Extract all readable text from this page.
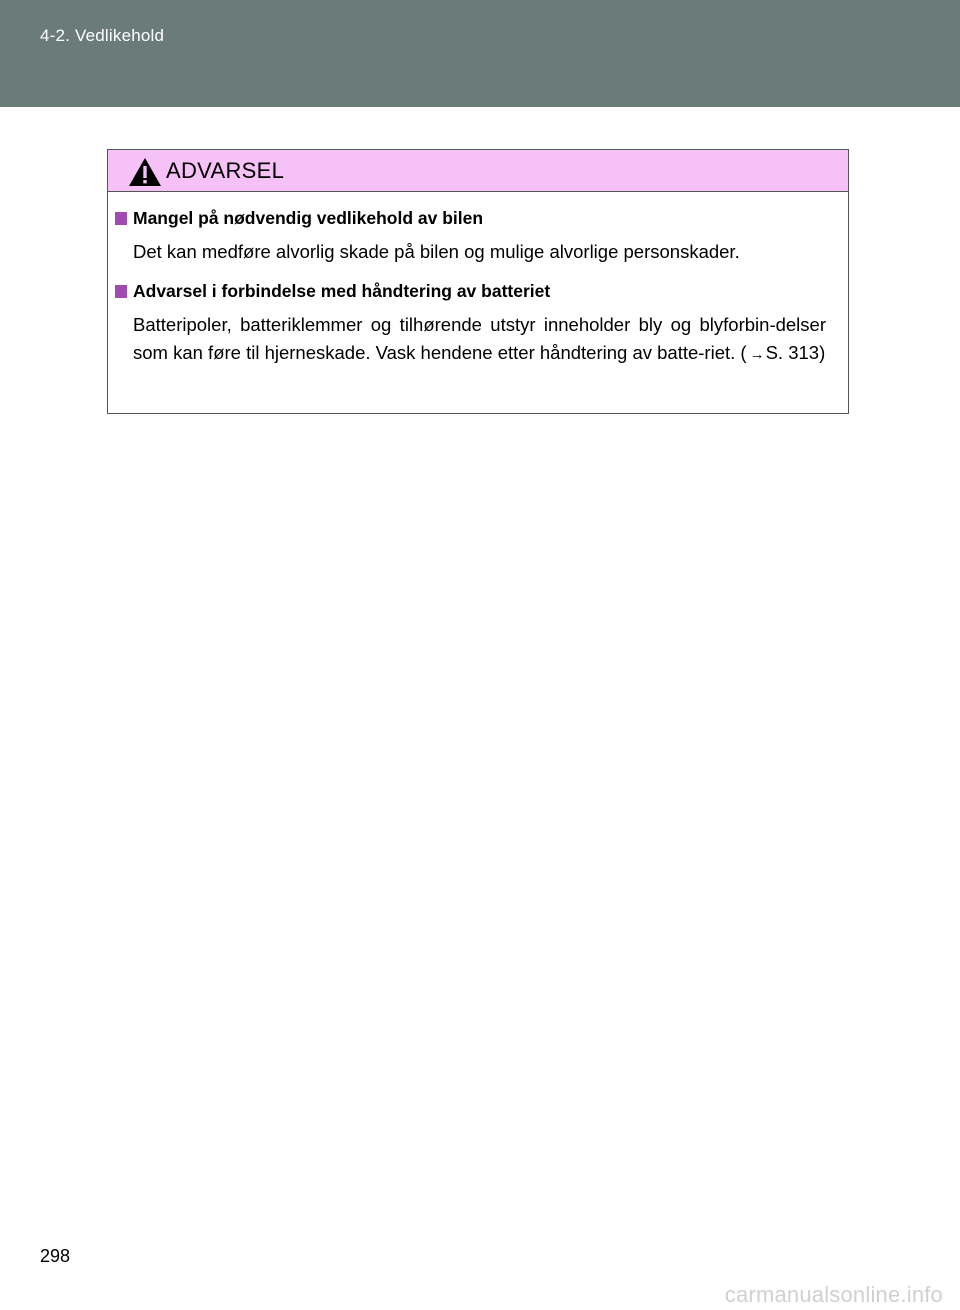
4-2. Vedlikehold
ADVARSEL
Mangel på nødvendig vedlikehold av bilen
Det kan medføre alvorlig skade på bilen og mulige alvorlige personskader.
Advarsel i forbindelse med håndtering av batteriet
Batteripoler, batteriklemmer og tilhørende utstyr inneholder bly og blyforbin-delser som kan føre til hjerneskade. Vask hendene etter håndtering av batte-riet. ( →S. 313)
298
carmanualsonline.info
